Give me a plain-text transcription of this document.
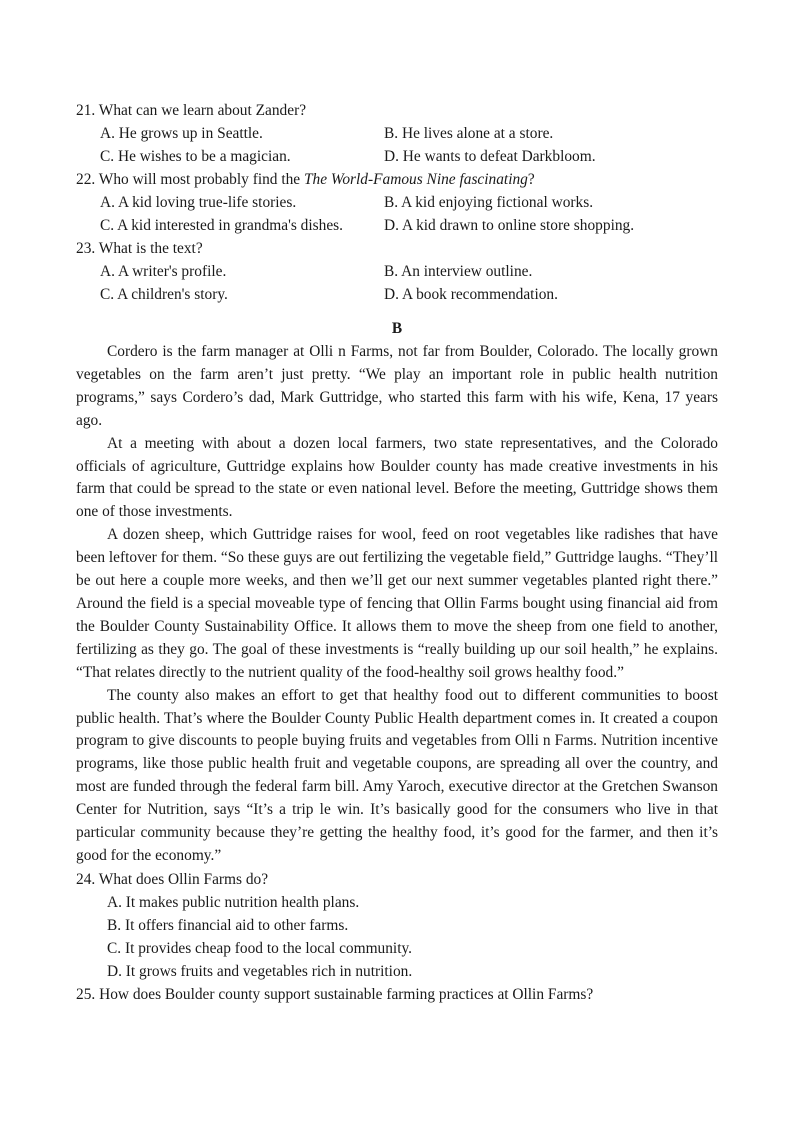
21. What can we learn about Zander?
A. He grows up in Seattle.	B. He lives alone at a store.
C. He wishes to be a magician.	D. He wants to defeat Darkbloom.
22. Who will most probably find the The World-Famous Nine fascinating?
A. A kid loving true-life stories.	B. A kid enjoying fictional works.
C. A kid interested in grandma's dishes.	D. A kid drawn to online store shopping.
23. What is the text?
A. A writer's profile.	B. An interview outline.
C. A children's story.	D. A book recommendation.
B

Cordero is the farm manager at Olli n Farms, not far from Boulder, Colorado. The locally grown vegetables on the farm aren’t just pretty. “We play an important role in public health nutrition programs,” says Cordero’s dad, Mark Guttridge, who started this farm with his wife, Kena, 17 years ago.

At a meeting with about a dozen local farmers, two state representatives, and the Colorado officials of agriculture, Guttridge explains how Boulder county has made creative investments in his farm that could be spread to the state or even national level. Before the meeting, Guttridge shows them one of those investments.

A dozen sheep, which Guttridge raises for wool, feed on root vegetables like radishes that have been leftover for them. “So these guys are out fertilizing the vegetable field,” Guttridge laughs. “They’ll be out here a couple more weeks, and then we’ll get our next summer vegetables planted right there.” Around the field is a special moveable type of fencing that Ollin Farms bought using financial aid from the Boulder County Sustainability Office. It allows them to move the sheep from one field to another, fertilizing as they go. The goal of these investments is “really building up our soil health,” he explains. “That relates directly to the nutrient quality of the food-healthy soil grows healthy food.”

The county also makes an effort to get that healthy food out to different communities to boost public health. That’s where the Boulder County Public Health department comes in. It created a coupon program to give discounts to people buying fruits and vegetables from Olli n Farms. Nutrition incentive programs, like those public health fruit and vegetable coupons, are spreading all over the country, and most are funded through the federal farm bill. Amy Yaroch, executive director at the Gretchen Swanson Center for Nutrition, says “It’s a trip le win. It’s basically good for the consumers who live in that particular community because they’re getting the healthy food, it’s good for the farmer, and then it’s good for the economy.”

24. What does Ollin Farms do?
A. It makes public nutrition health plans.
B. It offers financial aid to other farms.
C. It provides cheap food to the local community.
D. It grows fruits and vegetables rich in nutrition.
25. How does Boulder county support sustainable farming practices at Ollin Farms?
